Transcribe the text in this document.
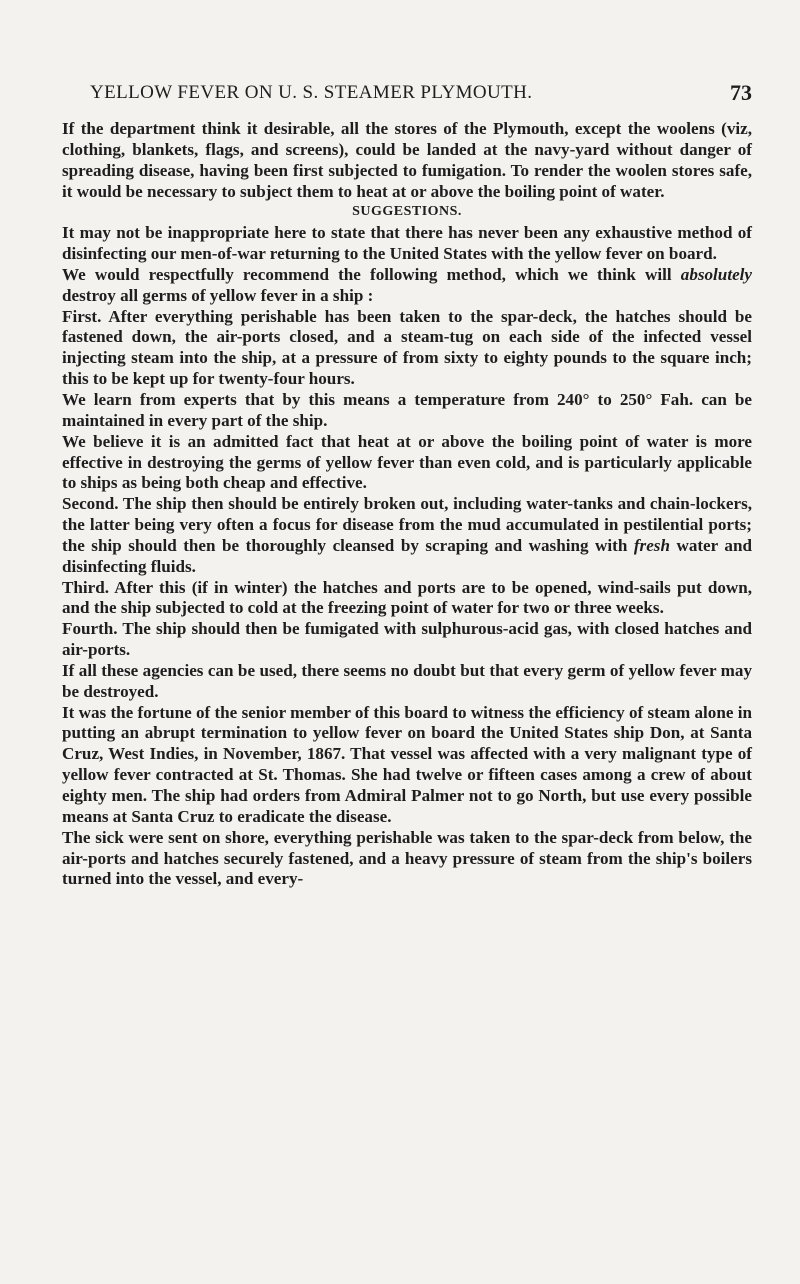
YELLOW FEVER ON U. S. STEAMER PLYMOUTH.	73

If the department think it desirable, all the stores of the Plymouth, except the woolens (viz, clothing, blankets, flags, and screens), could be landed at the navy-yard without danger of spreading disease, having been first subjected to fumigation. To render the woolen stores safe, it would be necessary to subject them to heat at or above the boiling point of water.

SUGGESTIONS.

It may not be inappropriate here to state that there has never been any exhaustive method of disinfecting our men-of-war returning to the United States with the yellow fever on board.

We would respectfully recommend the following method, which we think will absolutely destroy all germs of yellow fever in a ship :

First. After everything perishable has been taken to the spar-deck, the hatches should be fastened down, the air-ports closed, and a steam-tug on each side of the infected vessel injecting steam into the ship, at a pressure of from sixty to eighty pounds to the square inch; this to be kept up for twenty-four hours.

We learn from experts that by this means a temperature from 240° to 250° Fah. can be maintained in every part of the ship.

We believe it is an admitted fact that heat at or above the boiling point of water is more effective in destroying the germs of yellow fever than even cold, and is particularly applicable to ships as being both cheap and effective.

Second. The ship then should be entirely broken out, including water-tanks and chain-lockers, the latter being very often a focus for disease from the mud accumulated in pestilential ports; the ship should then be thoroughly cleansed by scraping and washing with fresh water and disinfecting fluids.

Third. After this (if in winter) the hatches and ports are to be opened, wind-sails put down, and the ship subjected to cold at the freezing point of water for two or three weeks.

Fourth. The ship should then be fumigated with sulphurous-acid gas, with closed hatches and air-ports.

If all these agencies can be used, there seems no doubt but that every germ of yellow fever may be destroyed.

It was the fortune of the senior member of this board to witness the efficiency of steam alone in putting an abrupt termination to yellow fever on board the United States ship Don, at Santa Cruz, West Indies, in November, 1867. That vessel was affected with a very malignant type of yellow fever contracted at St. Thomas. She had twelve or fifteen cases among a crew of about eighty men. The ship had orders from Admiral Palmer not to go North, but use every possible means at Santa Cruz to eradicate the disease.

The sick were sent on shore, everything perishable was taken to the spar-deck from below, the air-ports and hatches securely fastened, and a heavy pressure of steam from the ship's boilers turned into the vessel, and every-
